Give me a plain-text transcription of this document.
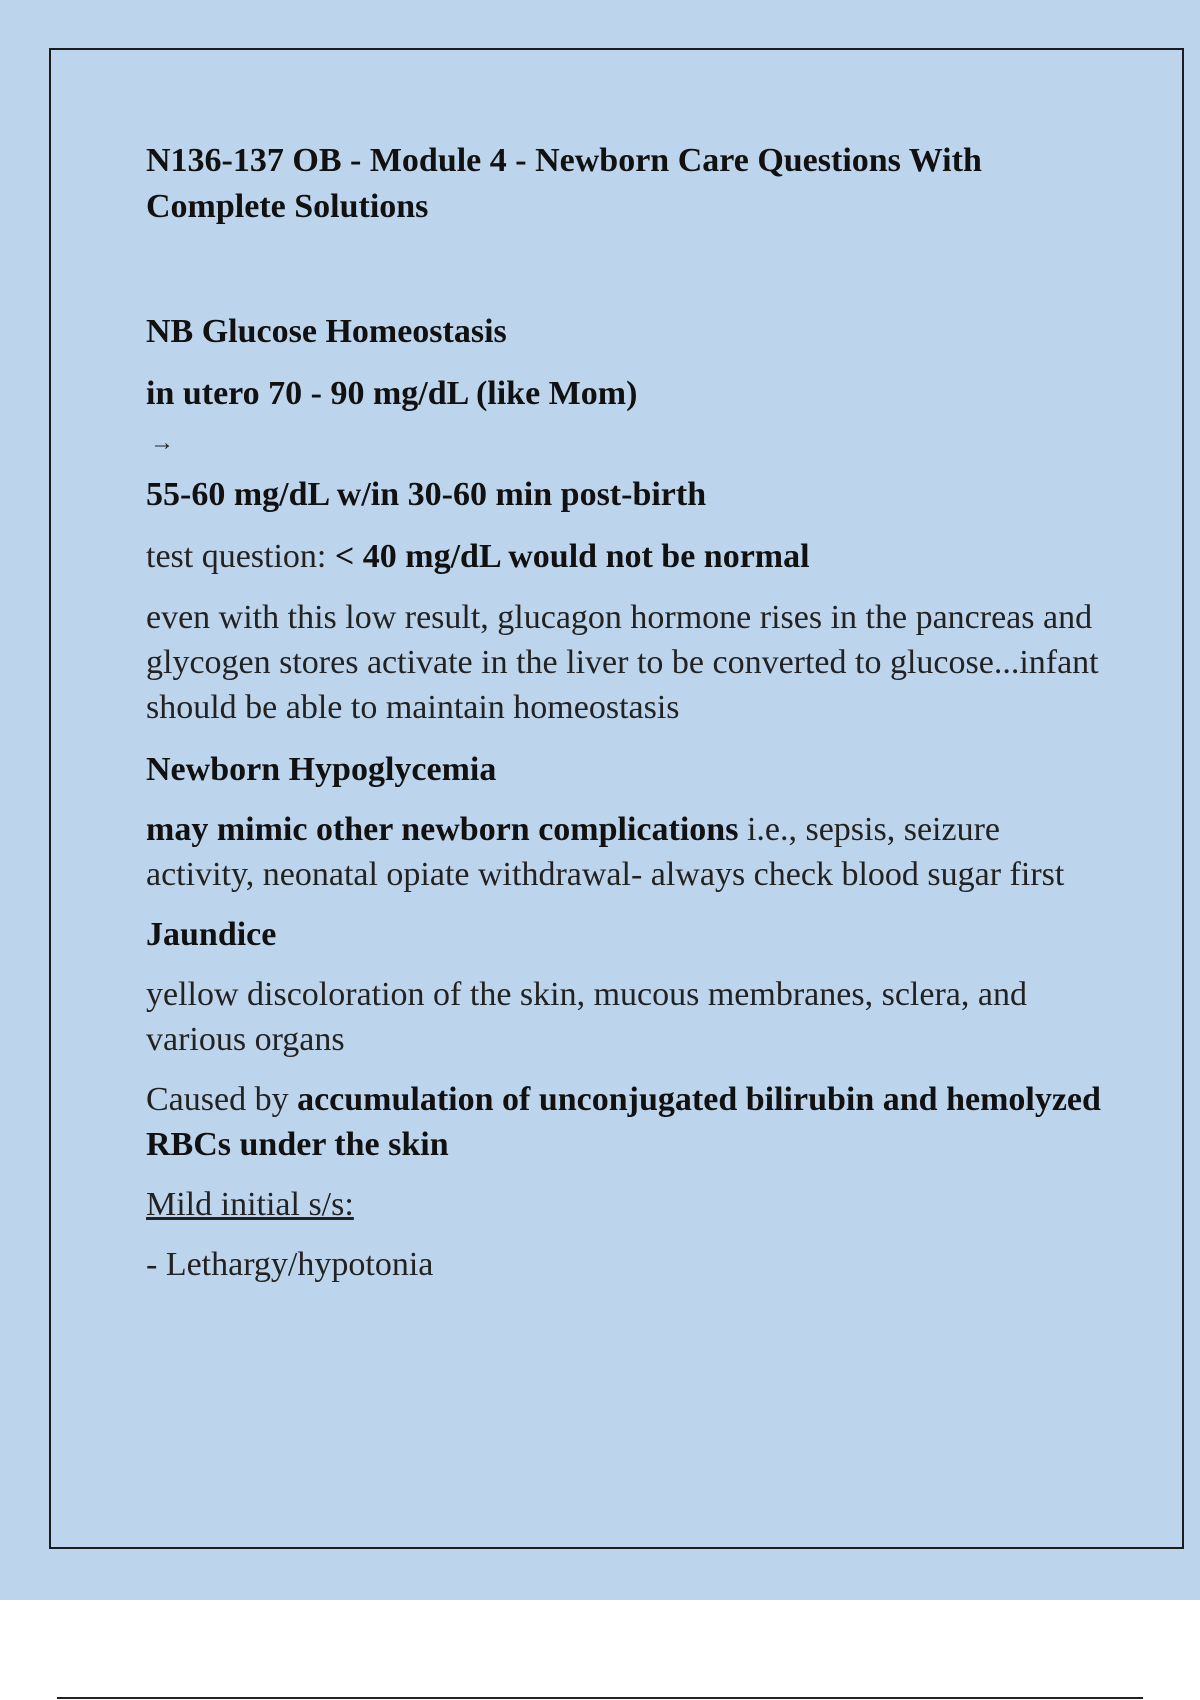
N136-137 OB - Module 4 - Newborn Care Questions With Complete Solutions

NB Glucose Homeostasis

in utero 70 - 90 mg/dL (like Mom)

→

55-60 mg/dL w/in 30-60 min post-birth

test question: < 40 mg/dL would not be normal

even with this low result, glucagon hormone rises in the pancreas and glycogen stores activate in the liver to be converted to glucose...infant should be able to maintain homeostasis

Newborn Hypoglycemia

may mimic other newborn complications i.e., sepsis, seizure activity, neonatal opiate withdrawal- always check blood sugar first

Jaundice

yellow discoloration of the skin, mucous membranes, sclera, and various organs

Caused by accumulation of unconjugated bilirubin and hemolyzed RBCs under the skin

Mild initial s/s:

- Lethargy/hypotonia
